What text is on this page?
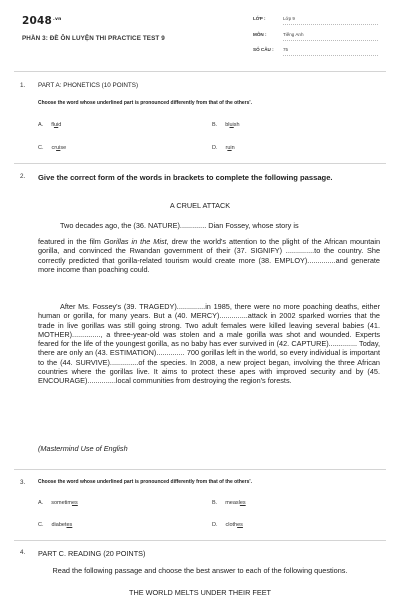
$2048^{.vn}$
PHẦN 3: ĐỀ ÔN LUYỆN THI PRACTICE TEST 9
LỚP :	Lớp 9
MÔN :	Tiếng Anh
SỐ CÂU : 75
1. PART A: PHONETICS (10 POINTS)
Choose the word whose underlined part is pronounced differently from that of the others'.
A. fluid	B. bluish
C. cruise	D. ruin
2. Give the correct form of the words in brackets to complete the following passage.
A CRUEL ATTACK
Two decades ago, the (36. NATURE)............. Dian Fossey, whose story is
featured in the film Gorillas in the Mist, drew the world's attention to the plight of the African mountain gorilla, and convinced the Rwandan government of their (37. SIGNIFY) ..............to the country. She correctly predicted that gorilla-related tourism would create more (38. EMPLOY)..............and generate more income than poaching could.
After Ms. Fossey's (39. TRAGEDY)..............in 1985, there were no more poaching deaths, either human or gorilla, for many years. But a (40. MERCY)..............attack in 2002 sparked worries that the trade in live gorillas was still going strong. Two adult females were killed leaving several babies (41. MOTHER).............., a three-year-old was stolen and a male gorilla was shot and wounded. Experts feared for the life of the youngest gorilla, as no baby has ever survived in (42. CAPTURE).............. Today, there are only an (43. ESTIMATION).............. 700 gorillas left in the world, so every individual is important to the (44. SURVIVE)..............of the species. In 2008, a new project began, involving the three African countries where the gorillas live. It aims to protect these apes with improved security and by (45. ENCOURAGE)..............local communities from destroying the region's forests.
(Mastermind Use of English
3.	Choose the word whose underlined part is pronounced differently from that of the others'.
A. sometimes	B. measles
C. diabetes	D. clothes
4. PART C. READING (20 POINTS)
Read the following passage and choose the best answer to each of the following questions.
THE WORLD MELTS UNDER THEIR FEET
